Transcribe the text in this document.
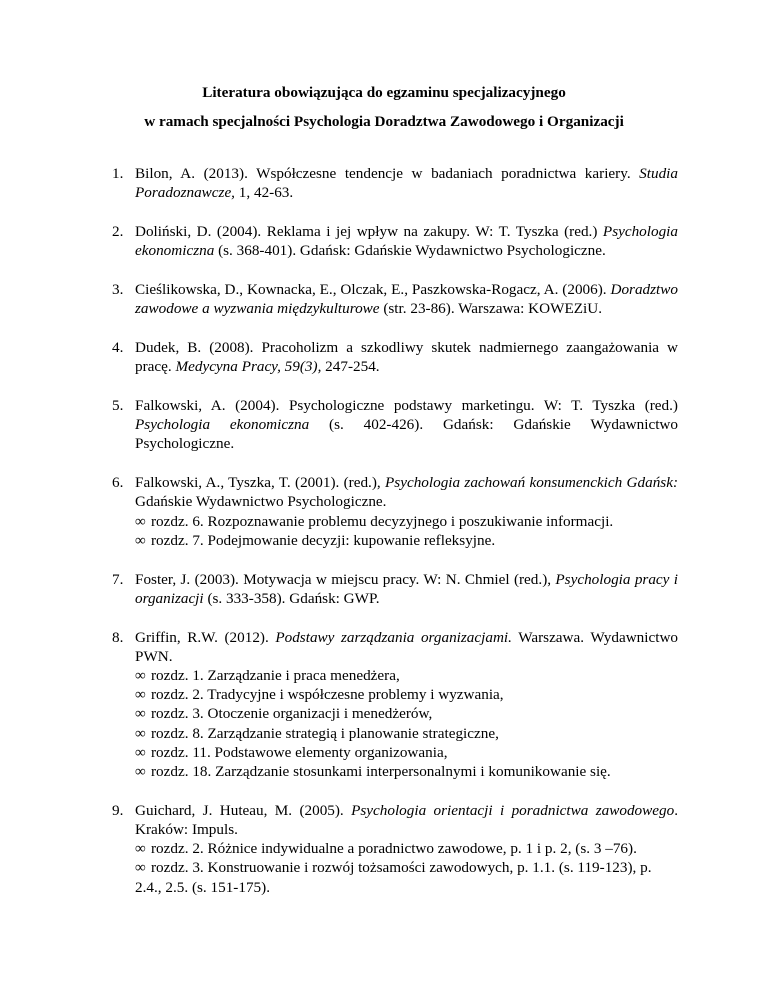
Literatura obowiązująca do egzaminu specjalizacyjnego
w ramach specjalności Psychologia Doradztwa Zawodowego i Organizacji
1. Bilon, A. (2013). Współczesne tendencje w badaniach poradnictwa kariery. Studia Poradoznawcze, 1, 42-63.
2. Doliński, D. (2004). Reklama i jej wpływ na zakupy. W: T. Tyszka (red.) Psychologia ekonomiczna (s. 368-401). Gdańsk: Gdańskie Wydawnictwo Psychologiczne.
3. Cieślikowska, D., Kownacka, E., Olczak, E., Paszkowska-Rogacz, A. (2006). Doradztwo zawodowe a wyzwania międzykulturowe (str. 23-86). Warszawa: KOWEZiU.
4. Dudek, B. (2008). Pracoholizm a szkodliwy skutek nadmiernego zaangażowania w pracę. Medycyna Pracy, 59(3), 247-254.
5. Falkowski, A. (2004). Psychologiczne podstawy marketingu. W: T. Tyszka (red.) Psychologia ekonomiczna (s. 402-426). Gdańsk: Gdańskie Wydawnictwo Psychologiczne.
6. Falkowski, A., Tyszka, T. (2001). (red.), Psychologia zachowań konsumenckich Gdańsk: Gdańskie Wydawnictwo Psychologiczne.
∞ rozdz. 6. Rozpoznawanie problemu decyzyjnego i poszukiwanie informacji.
∞ rozdz. 7. Podejmowanie decyzji: kupowanie refleksyjne.
7. Foster, J. (2003). Motywacja w miejscu pracy. W: N. Chmiel (red.), Psychologia pracy i organizacji (s. 333-358). Gdańsk: GWP.
8. Griffin, R.W. (2012). Podstawy zarządzania organizacjami. Warszawa. Wydawnictwo PWN.
∞ rozdz. 1. Zarządzanie i praca menedżera,
∞ rozdz. 2. Tradycyjne i współczesne problemy i wyzwania,
∞ rozdz. 3. Otoczenie organizacji i menedżerów,
∞ rozdz. 8. Zarządzanie strategią i planowanie strategiczne,
∞ rozdz. 11. Podstawowe elementy organizowania,
∞ rozdz. 18. Zarządzanie stosunkami interpersonalnymi i komunikowanie się.
9. Guichard, J. Huteau, M. (2005). Psychologia orientacji i poradnictwa zawodowego. Kraków: Impuls.
∞ rozdz. 2. Różnice indywidualne a poradnictwo zawodowe, p. 1 i p. 2, (s. 3 –76).
∞ rozdz. 3. Konstruowanie i rozwój tożsamości zawodowych, p. 1.1. (s. 119-123), p. 2.4., 2.5. (s. 151-175).
